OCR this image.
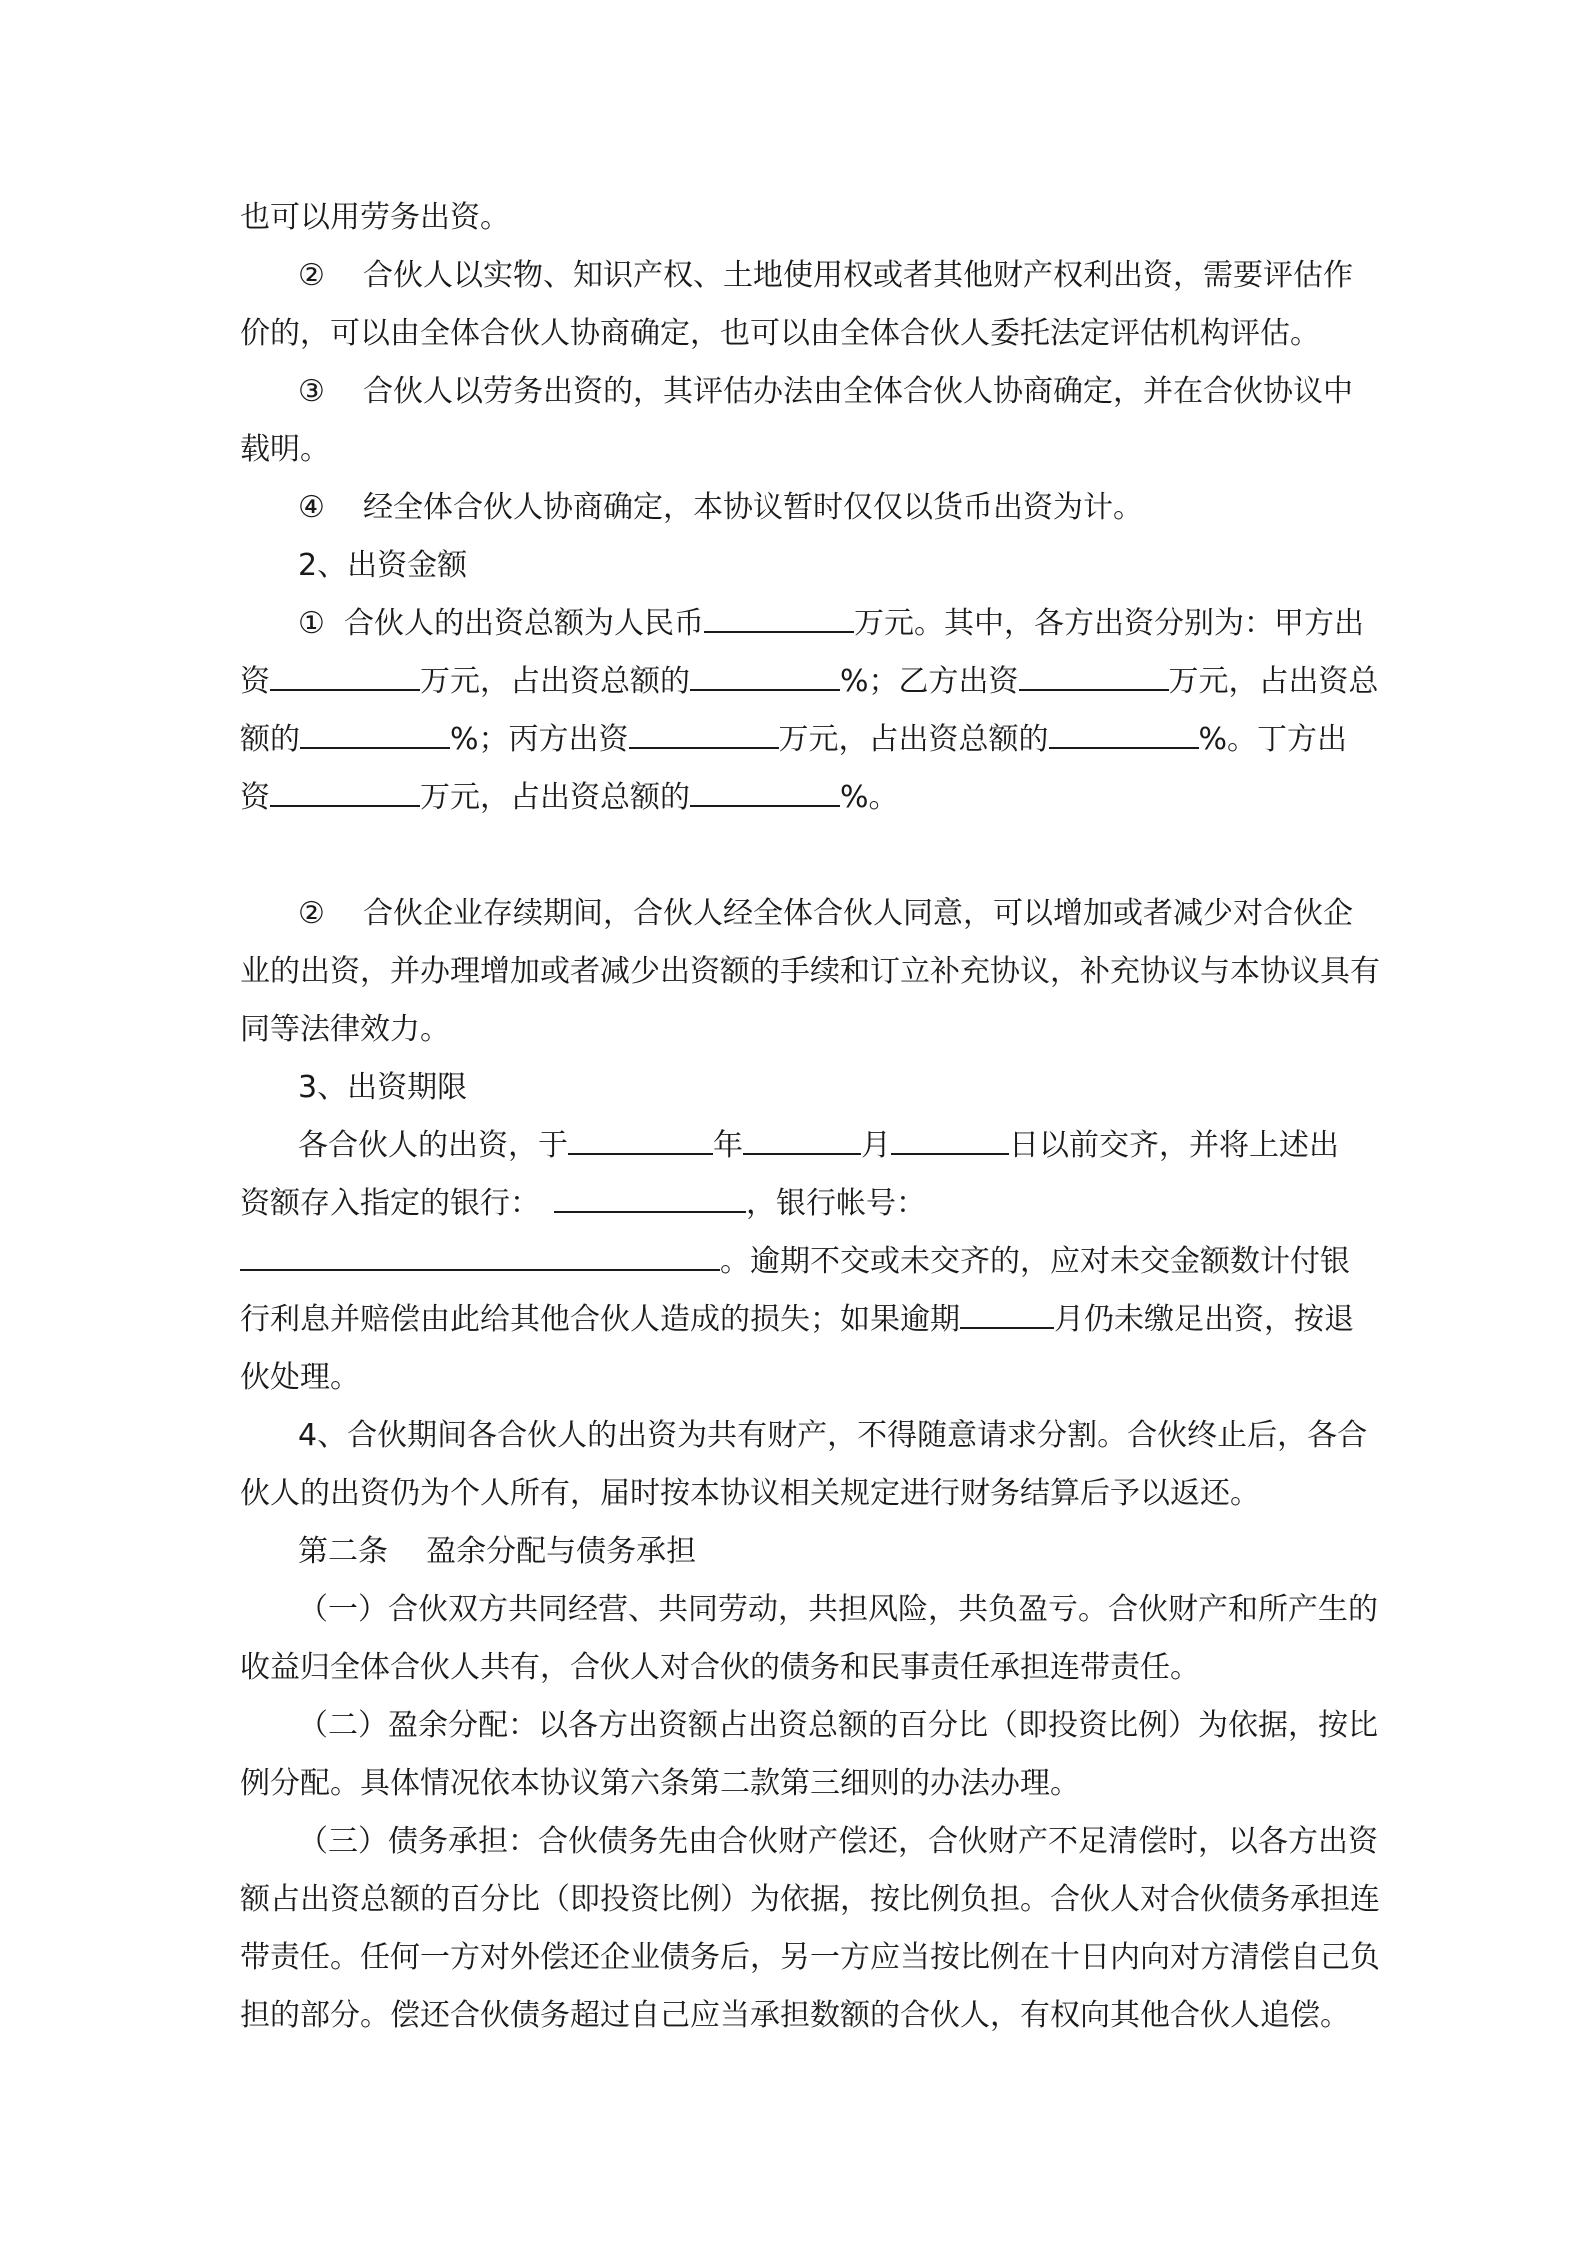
也可以用劳务出资。

②    合伙人以实物、知识产权、土地使用权或者其他财产权利出资，需要评估作

价的，可以由全体合伙人协商确定，也可以由全体合伙人委托法定评估机构评估。

③    合伙人以劳务出资的，其评估办法由全体合伙人协商确定，并在合伙协议中

载明。

④    经全体合伙人协商确定，本协议暂时仅仅以货币出资为计。

2、出资金额

①  合伙人的出资总额为人民币	万元。其中，各方出资分别为：甲方出

资	万元，占出资总额的	%；乙方出资	万元，占出资总

额的	%；丙方出资	万元，占出资总额的	%。丁方出

资	万元，占出资总额的	%。

②    合伙企业存续期间，合伙人经全体合伙人同意，可以增加或者减少对合伙企

业的出资，并办理增加或者减少出资额的手续和订立补充协议，补充协议与本协议具有

同等法律效力。

3、出资期限

各合伙人的出资，于	年	月	日以前交齐，并将上述出

资额存入指定的银行：	，银行帐号：

。逾期不交或未交齐的，应对未交金额数计付银

行利息并赔偿由此给其他合伙人造成的损失；如果逾期	月仍未缴足出资，按退

伙处理。

4、合伙期间各合伙人的出资为共有财产，不得随意请求分割。合伙终止后，各合

伙人的出资仍为个人所有，届时按本协议相关规定进行财务结算后予以返还。

第二条    盈余分配与债务承担

（一）合伙双方共同经营、共同劳动，共担风险，共负盈亏。合伙财产和所产生的

收益归全体合伙人共有，合伙人对合伙的债务和民事责任承担连带责任。

（二）盈余分配：以各方出资额占出资总额的百分比（即投资比例）为依据，按比

例分配。具体情况依本协议第六条第二款第三细则的办法办理。

（三）债务承担：合伙债务先由合伙财产偿还，合伙财产不足清偿时，以各方出资

额占出资总额的百分比（即投资比例）为依据，按比例负担。合伙人对合伙债务承担连

带责任。任何一方对外偿还企业债务后，另一方应当按比例在十日内向对方清偿自己负

担的部分。偿还合伙债务超过自己应当承担数额的合伙人，有权向其他合伙人追偿。
